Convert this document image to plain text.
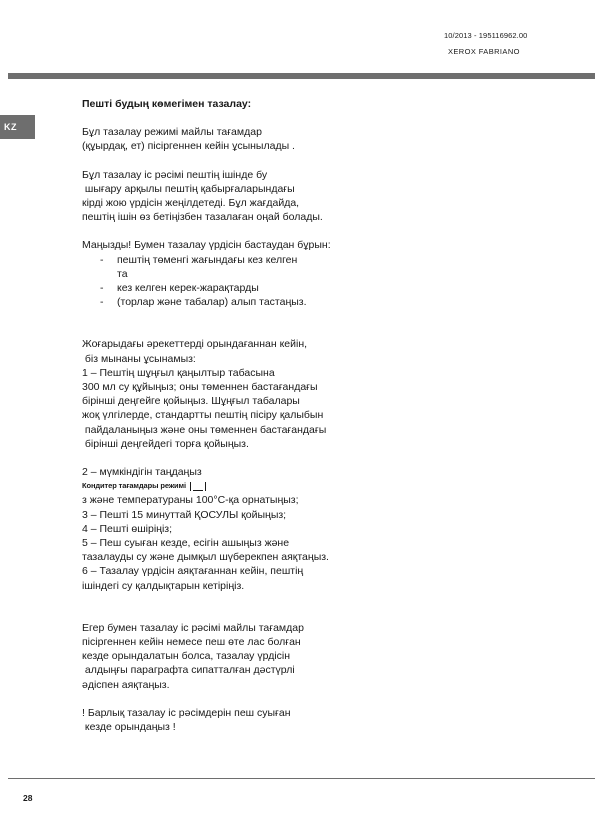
10/2013 - 195116962.00
XEROX FABRIANO
KZ
Пешті будың көмегімен тазалау:
Бұл тазалау режимі майлы тағамдар
(құырдақ, ет) пісіргеннен кейін ұсынылады .
Бұл тазалау іс рәсімі пештің ішінде бу
шығару арқылы пештің қабырғаларындағы
кірді жою үрдісін жеңілдетеді. Бұл жағдайда,
пештің ішін өз бетіңізбен тазалаған оңай болады.
Маңызды! Бумен тазалау үрдісін бастаудан бұрын:
- пештің төменгі жағындағы кез келген
та
- кез келген керек-жарақтарды
- (торлар және табалар) алып тастаңыз.
Жоғарыдағы әрекеттерді орындағаннан кейін,
біз мынаны ұсынамыз:
1 – Пештің шұңғыл қаңылтыр табасына
300 мл су құйыңыз; оны төменнен бастағандағы
бірінші деңгейге қойыңыз. Шұңғыл табалары
жоқ үлгілерде, стандартты пештің пісіру қалыбын
пайдаланыңыз және оны төменнен бастағандағы
бірінші деңгейдегі торға қойыңыз.
2 – мүмкіндігін таңдаңыз
Кондитер тағамдары режимі
з және температураны 100°C-қа орнатыңыз;
3 – Пешті 15 минуттай ҚОСУЛЫ қойыңыз;
4 – Пешті өшіріңіз;
5 – Пеш суыған кезде, есігін ашыңыз және
тазалауды су және дымқыл шүберекпен аяқтаңыз.
6 – Тазалау үрдісін аяқтағаннан кейін, пештің
ішіндегі су қалдықтарын кетіріңіз.
Егер бумен тазалау іс рәсімі майлы тағамдар
пісіргеннен кейін немесе пеш өте лас болған
кезде орындалатын болса, тазалау үрдісін
алдыңғы параграфта сипатталған дәстүрлі
әдіспен аяқтаңыз.
! Барлық тазалау іс рәсімдерін пеш суыған
кезде орындаңыз !
28
